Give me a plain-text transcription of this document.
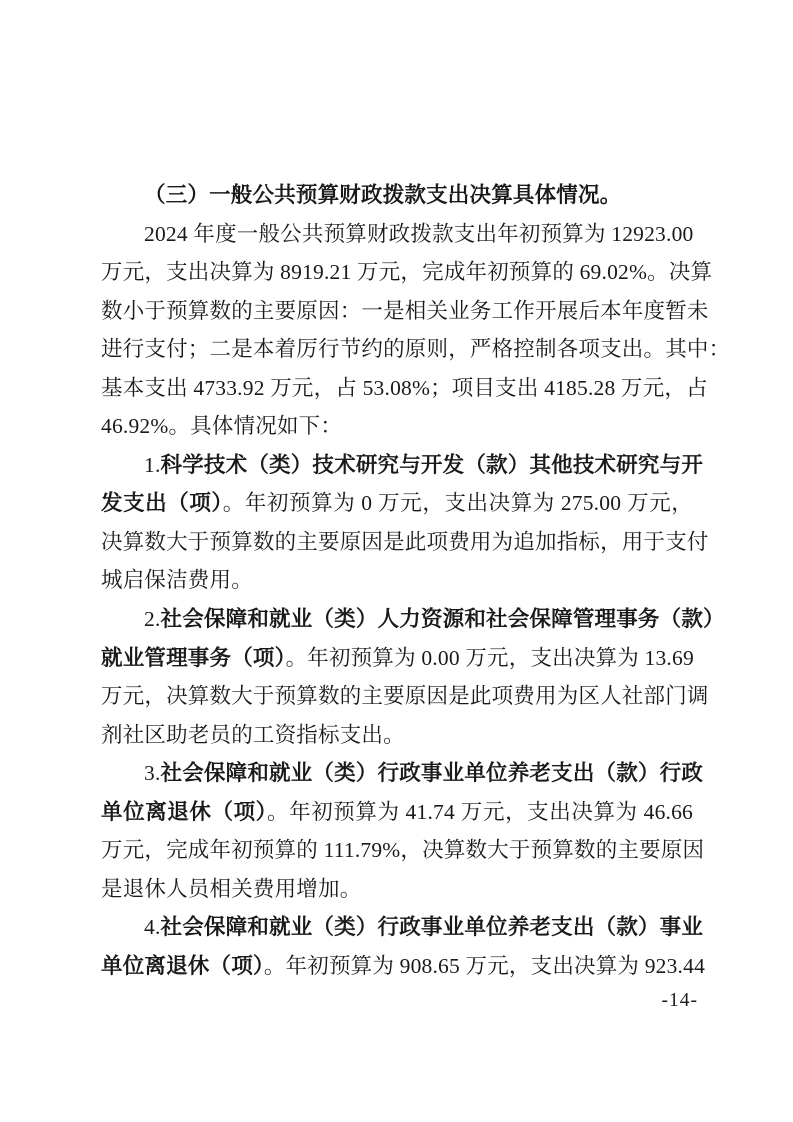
（三）一般公共预算财政拨款支出决算具体情况。
2024 年度一般公共预算财政拨款支出年初预算为 12923.00
万元，支出决算为 8919.21 万元，完成年初预算的 69.02%。决算
数小于预算数的主要原因：一是相关业务工作开展后本年度暂未
进行支付；二是本着厉行节约的原则，严格控制各项支出。其中：
基本支出 4733.92 万元，占 53.08%；项目支出 4185.28 万元，占
46.92%。具体情况如下：
1.科学技术（类）技术研究与开发（款）其他技术研究与开
发支出（项）。年初预算为 0 万元，支出决算为 275.00 万元，
决算数大于预算数的主要原因是此项费用为追加指标，用于支付
城启保洁费用。
2.社会保障和就业（类）人力资源和社会保障管理事务（款）
就业管理事务（项）。年初预算为 0.00 万元，支出决算为 13.69
万元，决算数大于预算数的主要原因是此项费用为区人社部门调
剂社区助老员的工资指标支出。
3.社会保障和就业（类）行政事业单位养老支出（款）行政
单位离退休（项）。年初预算为 41.74 万元，支出决算为 46.66
万元，完成年初预算的 111.79%，决算数大于预算数的主要原因
是退休人员相关费用增加。
4.社会保障和就业（类）行政事业单位养老支出（款）事业
单位离退休（项）。年初预算为 908.65 万元，支出决算为 923.44
-14-
